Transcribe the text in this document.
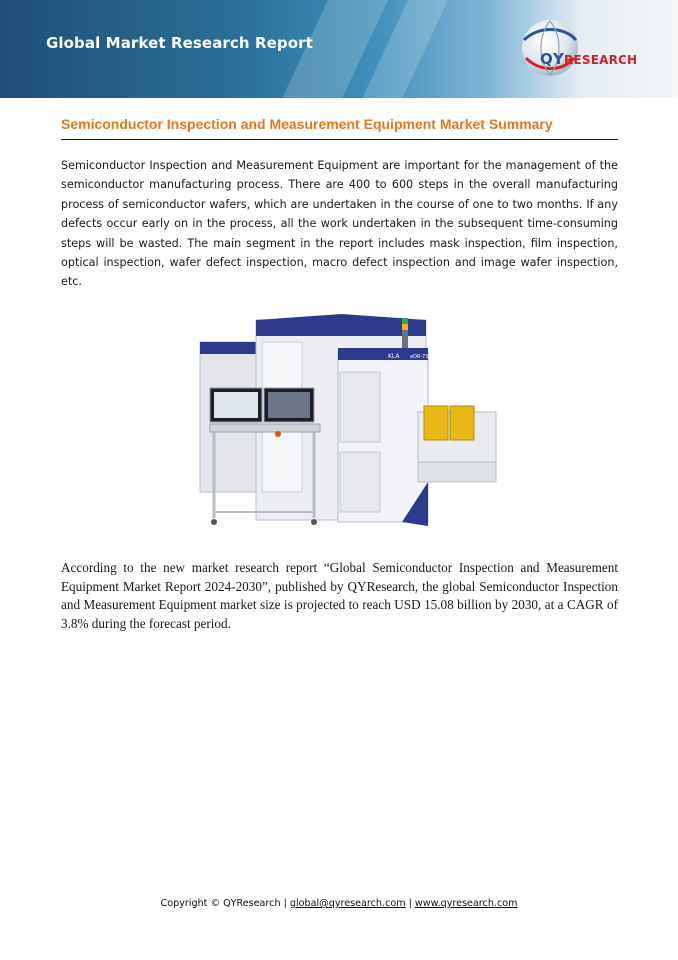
Global Market Research Report
QYRESEARCH
Semiconductor Inspection and Measurement Equipment Market Summary
Semiconductor Inspection and Measurement Equipment are important for the management of the semiconductor manufacturing process. There are 400 to 600 steps in the overall manufacturing process of semiconductor wafers, which are undertaken in the course of one to two months. If any defects occur early on in the process, all the work undertaken in the subsequent time-consuming steps will be wasted. The main segment in the report includes mask inspection, film inspection, optical inspection, wafer defect inspection, macro defect inspection and image wafer inspection, etc.
KLA eDR-7380
According to the new market research report “Global Semiconductor Inspection and Measurement Equipment Market Report 2024-2030”, published by QYResearch, the global Semiconductor Inspection and Measurement Equipment market size is projected to reach USD 15.08 billion by 2030, at a CAGR of 3.8% during the forecast period.
Copyright © QYResearch | global@qyresearch.com | www.qyresearch.com
